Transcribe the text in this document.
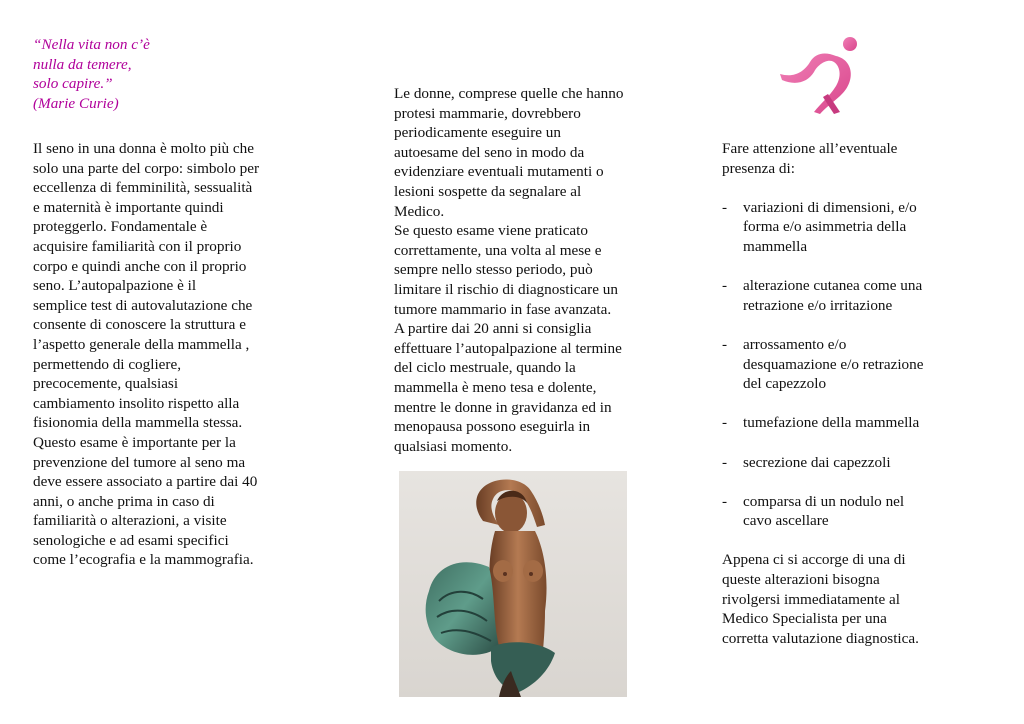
“Nella vita non c’è
nulla da temere,
solo capire.”
(Marie Curie)
Il seno in una donna è molto più che
solo una parte del corpo: simbolo per
eccellenza di femminilità, sessualità
e maternità è importante quindi
proteggerlo. Fondamentale è
acquisire familiarità con il proprio
corpo e quindi anche con il proprio
seno. L’autopalpazione è il
semplice test di autovalutazione che
consente di conoscere la struttura e
l’aspetto generale della mammella ,
permettendo di cogliere,
precocemente, qualsiasi
cambiamento insolito rispetto alla
fisionomia della mammella stessa.
Questo esame è importante per la
prevenzione del tumore al seno ma
deve essere associato a partire dai 40
anni, o anche prima in caso di
familiarità o alterazioni, a visite
senologiche e ad esami specifici
come l’ecografia e la mammografia.
Le donne, comprese quelle che hanno
protesi mammarie, dovrebbero
periodicamente eseguire un
autoesame del seno in modo da
evidenziare eventuali mutamenti o
lesioni sospette da segnalare al
Medico.
Se questo esame viene praticato
correttamente, una volta al mese e
sempre nello stesso periodo, può
limitare il rischio di diagnosticare un
tumore mammario in fase avanzata.
A partire dai 20 anni si consiglia
effettuare l’autopalpazione al termine
del ciclo mestruale, quando la
mammella è meno tesa e dolente,
mentre le donne in gravidanza ed in
menopausa possono eseguirla in
qualsiasi momento.
Fare attenzione all’eventuale
presenza di:
- variazioni di dimensioni, e/o
forma e/o asimmetria della
mammella
- alterazione cutanea come una
retrazione e/o irritazione
- arrossamento e/o
desquamazione e/o retrazione
del capezzolo
- tumefazione della mammella
- secrezione dai capezzoli
- comparsa di un nodulo nel
cavo ascellare
Appena ci si accorge di una di
queste alterazioni bisogna
rivolgersi immediatamente al
Medico Specialista per una
corretta valutazione diagnostica.
